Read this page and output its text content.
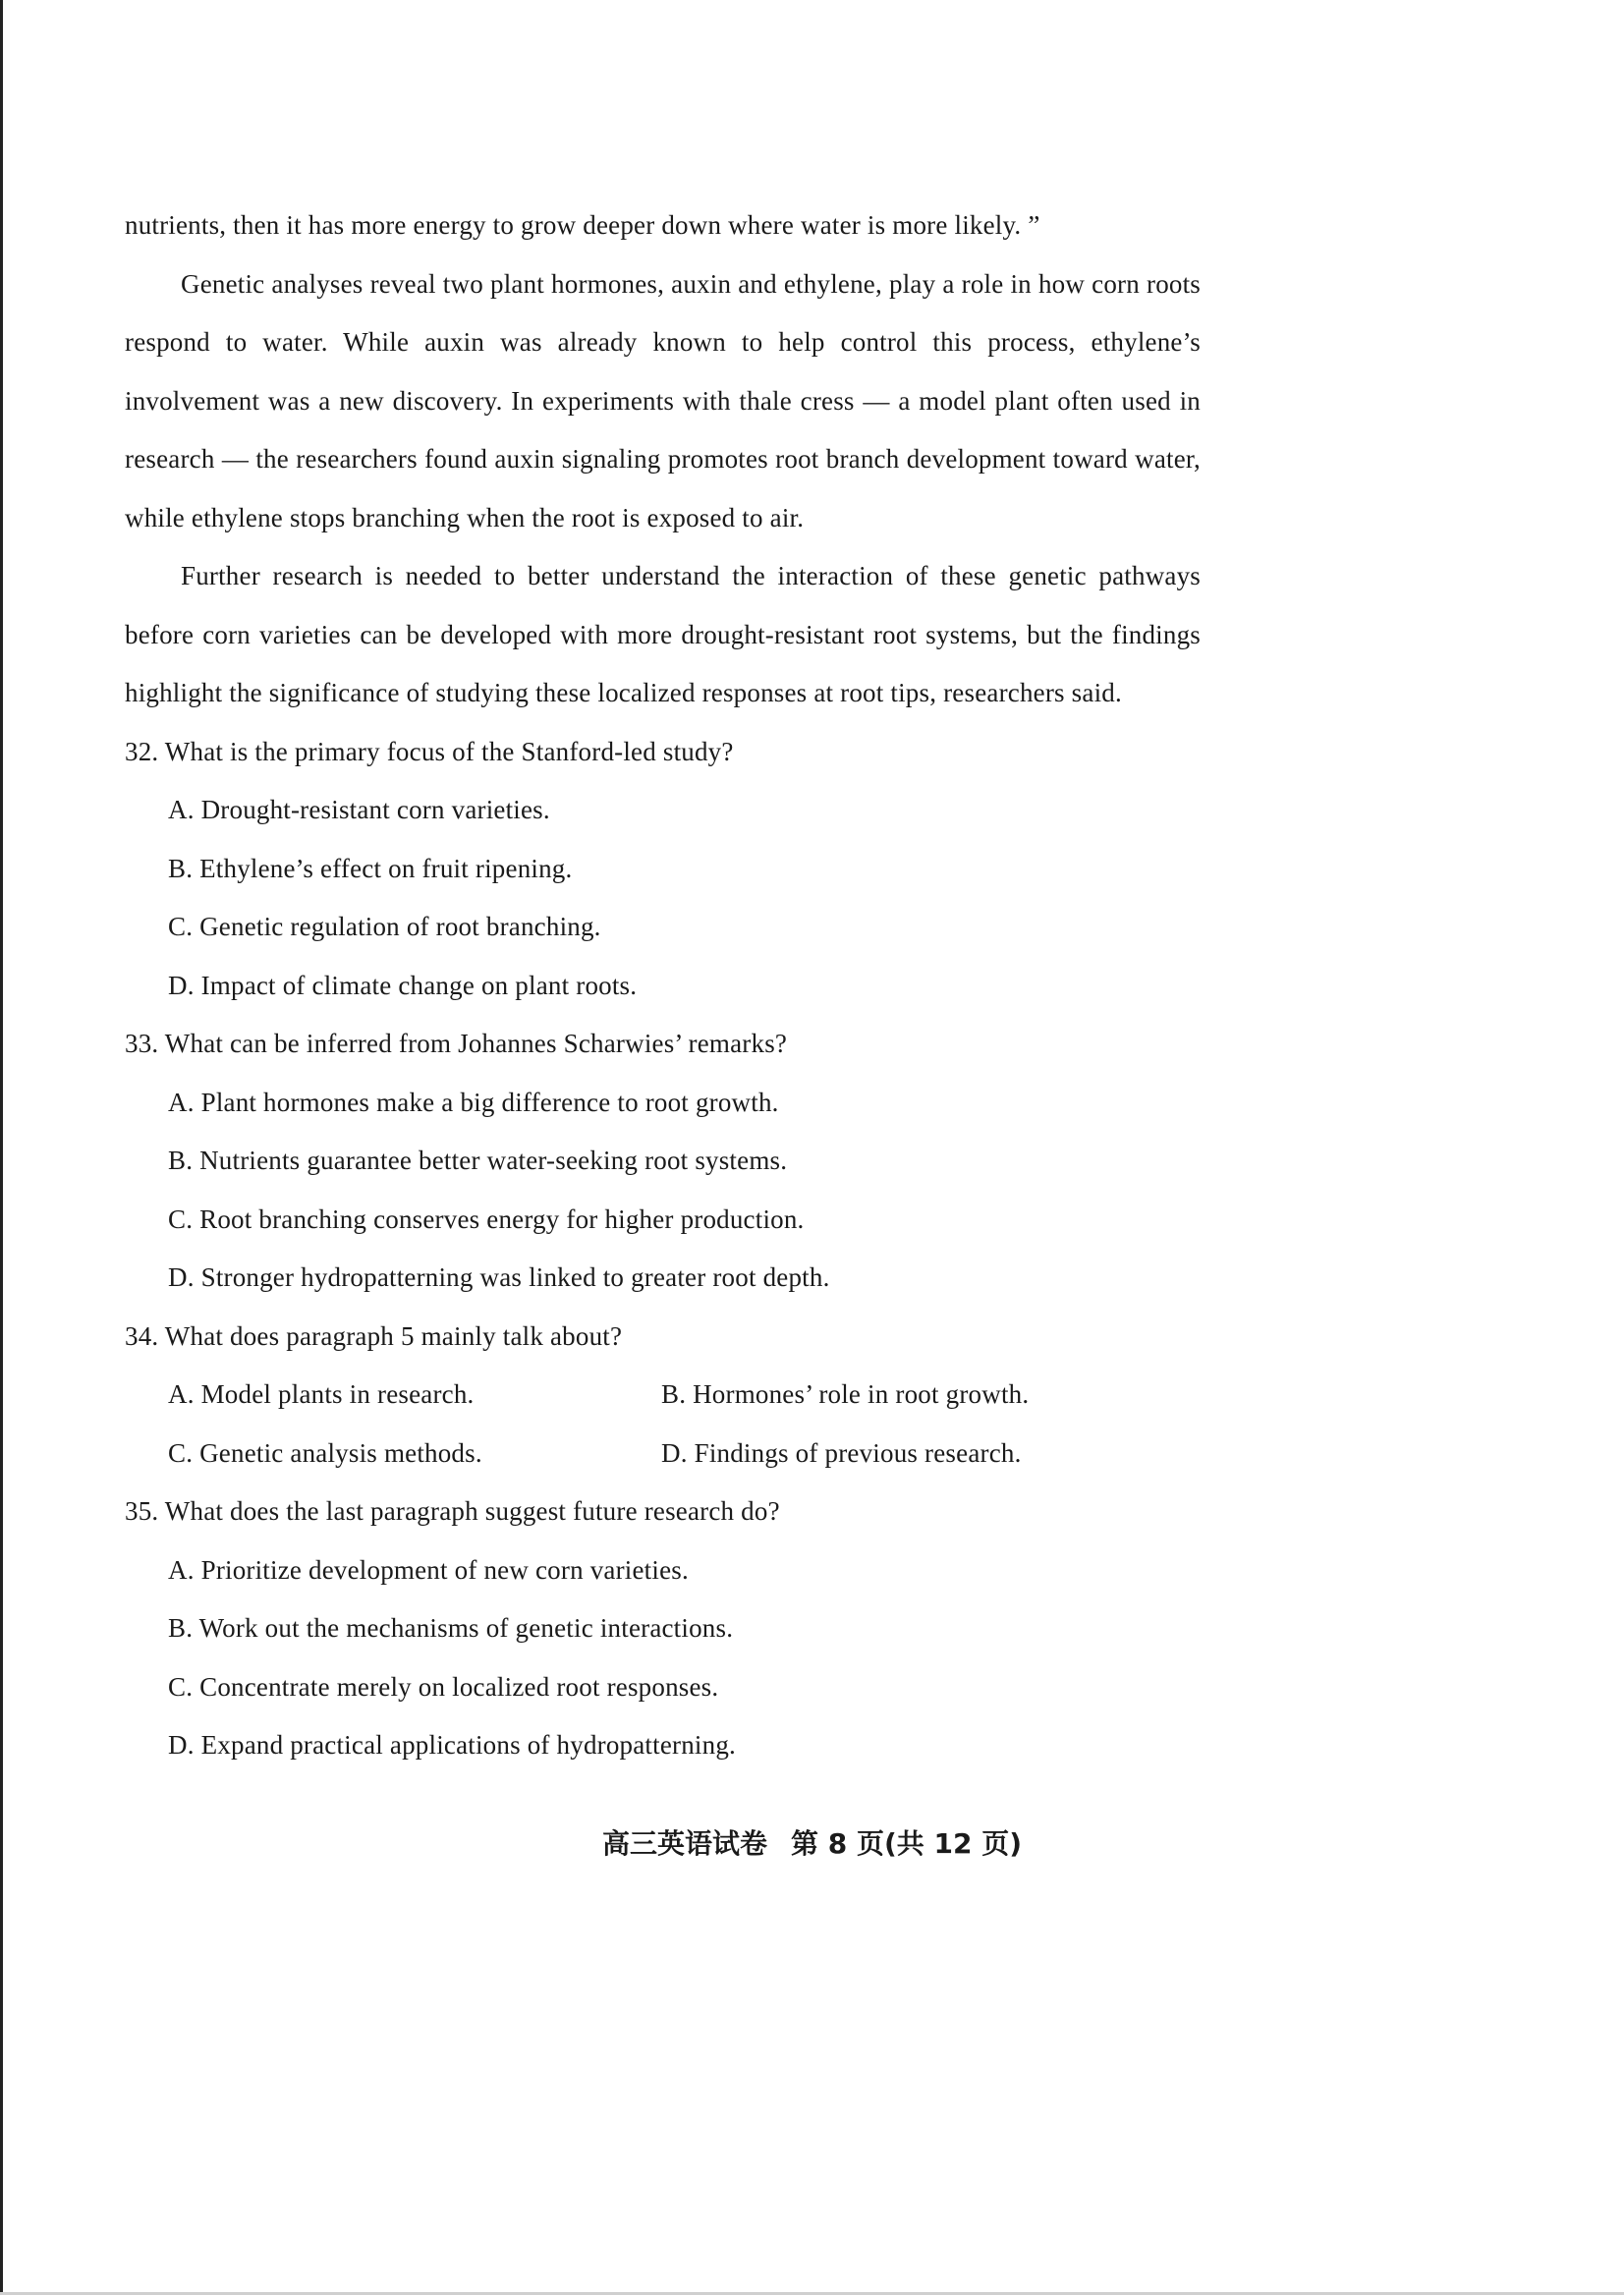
nutrients, then it has more energy to grow deeper down where water is more likely. ”

Genetic analyses reveal two plant hormones, auxin and ethylene, play a role in how corn roots respond to water. While auxin was already known to help control this process, ethylene’s involvement was a new discovery. In experiments with thale cress — a model plant often used in research — the researchers found auxin signaling promotes root branch development toward water, while ethylene stops branching when the root is exposed to air.

Further research is needed to better understand the interaction of these genetic pathways before corn varieties can be developed with more drought-resistant root systems, but the findings highlight the significance of studying these localized responses at root tips, researchers said.

32. What is the primary focus of the Stanford-led study?

A. Drought-resistant corn varieties.

B. Ethylene’s effect on fruit ripening.

C. Genetic regulation of root branching.

D. Impact of climate change on plant roots.

33. What can be inferred from Johannes Scharwies’ remarks?

A. Plant hormones make a big difference to root growth.

B. Nutrients guarantee better water-seeking root systems.

C. Root branching conserves energy for higher production.

D. Stronger hydropatterning was linked to greater root depth.

34. What does paragraph 5 mainly talk about?

A. Model plants in research.	B. Hormones’ role in root growth.
C. Genetic analysis methods.	D. Findings of previous research.

35. What does the last paragraph suggest future research do?

A. Prioritize development of new corn varieties.

B. Work out the mechanisms of genetic interactions.

C. Concentrate merely on localized root responses.

D. Expand practical applications of hydropatterning.

高三英语试卷 第 8 页(共 12 页)
